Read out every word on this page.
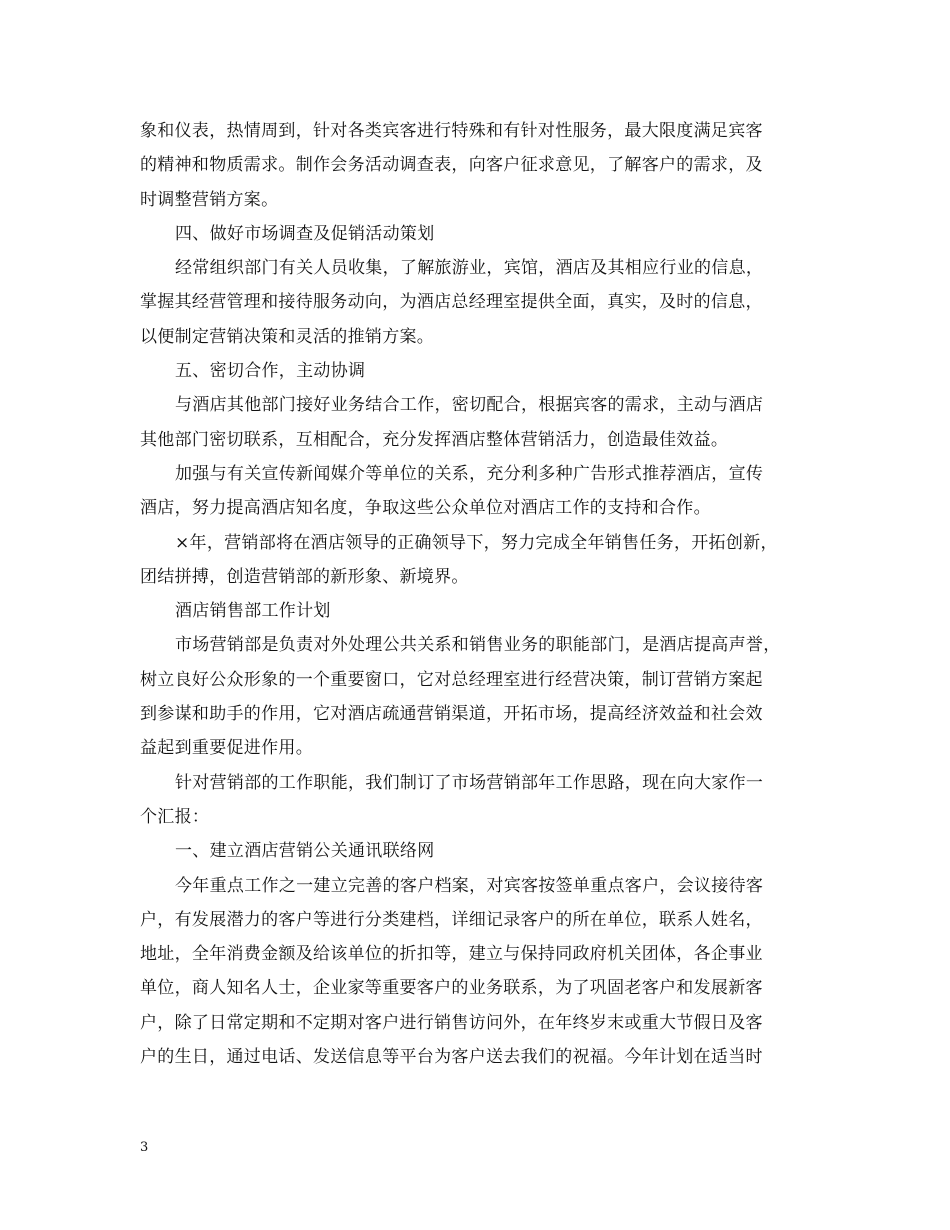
象和仪表，热情周到，针对各类宾客进行特殊和有针对性服务，最大限度满足宾客
的精神和物质需求。制作会务活动调查表，向客户征求意见，了解客户的需求，及
时调整营销方案。
四、做好市场调查及促销活动策划
经常组织部门有关人员收集，了解旅游业，宾馆，酒店及其相应行业的信息，
掌握其经营管理和接待服务动向，为酒店总经理室提供全面，真实，及时的信息，
以便制定营销决策和灵活的推销方案。
五、密切合作，主动协调
与酒店其他部门接好业务结合工作，密切配合，根据宾客的需求，主动与酒店
其他部门密切联系，互相配合，充分发挥酒店整体营销活力，创造最佳效益。
加强与有关宣传新闻媒介等单位的关系，充分利多种广告形式推荐酒店，宣传
酒店，努力提高酒店知名度，争取这些公众单位对酒店工作的支持和合作。
×年，营销部将在酒店领导的正确领导下，努力完成全年销售任务，开拓创新，
团结拼搏，创造营销部的新形象、新境界。
酒店销售部工作计划
市场营销部是负责对外处理公共关系和销售业务的职能部门，是酒店提高声誉，
树立良好公众形象的一个重要窗口，它对总经理室进行经营决策，制订营销方案起
到参谋和助手的作用，它对酒店疏通营销渠道，开拓市场，提高经济效益和社会效
益起到重要促进作用。
针对营销部的工作职能，我们制订了市场营销部年工作思路，现在向大家作一
个汇报：
一、建立酒店营销公关通讯联络网
今年重点工作之一建立完善的客户档案，对宾客按签单重点客户，会议接待客
户，有发展潜力的客户等进行分类建档，详细记录客户的所在单位，联系人姓名，
地址，全年消费金额及给该单位的折扣等，建立与保持同政府机关团体，各企事业
单位，商人知名人士，企业家等重要客户的业务联系，为了巩固老客户和发展新客
户，除了日常定期和不定期对客户进行销售访问外，在年终岁末或重大节假日及客
户的生日，通过电话、发送信息等平台为客户送去我们的祝福。今年计划在适当时
3
